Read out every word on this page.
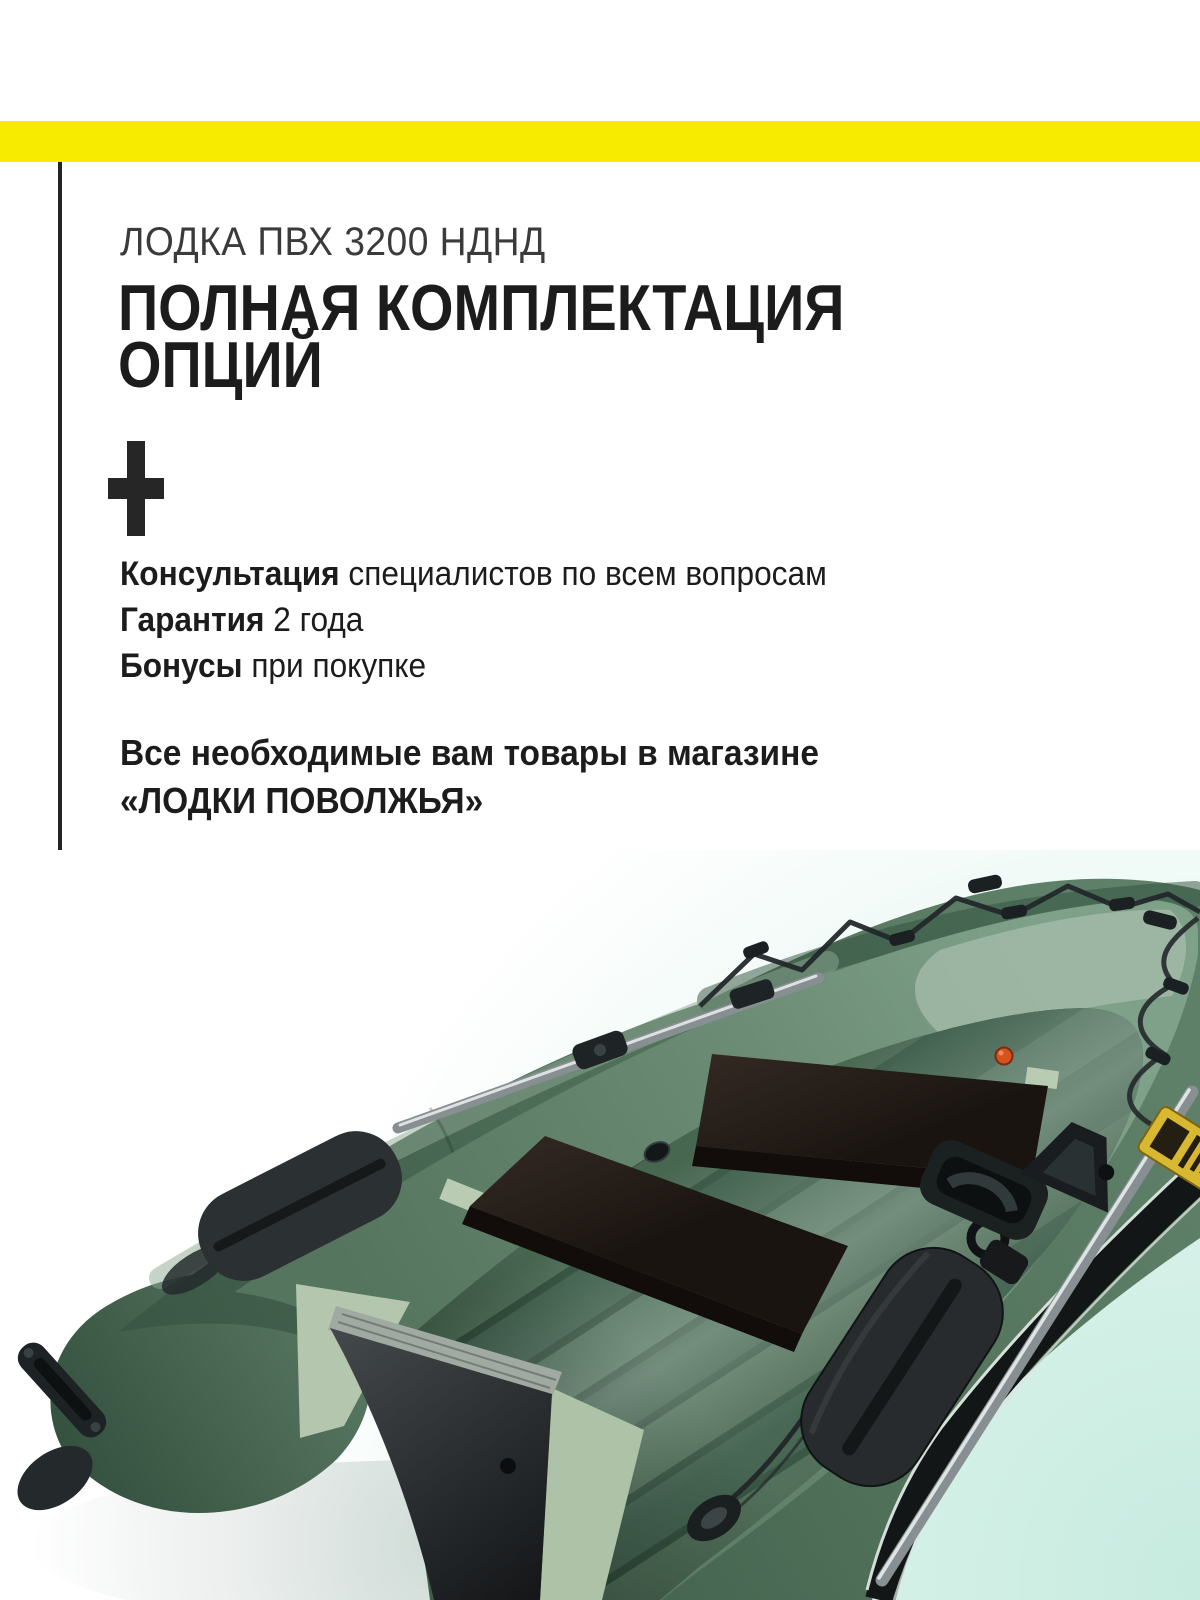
ЛОДКА ПВХ 3200 НДНД
ПОЛНАЯ КОМПЛЕКТАЦИЯ
ОПЦИЙ
Консультация специалистов по всем вопросам
Гарантия 2 года
Бонусы при покупке
Все необходимые вам товары в магазине
«ЛОДКИ ПОВОЛЖЬЯ»
